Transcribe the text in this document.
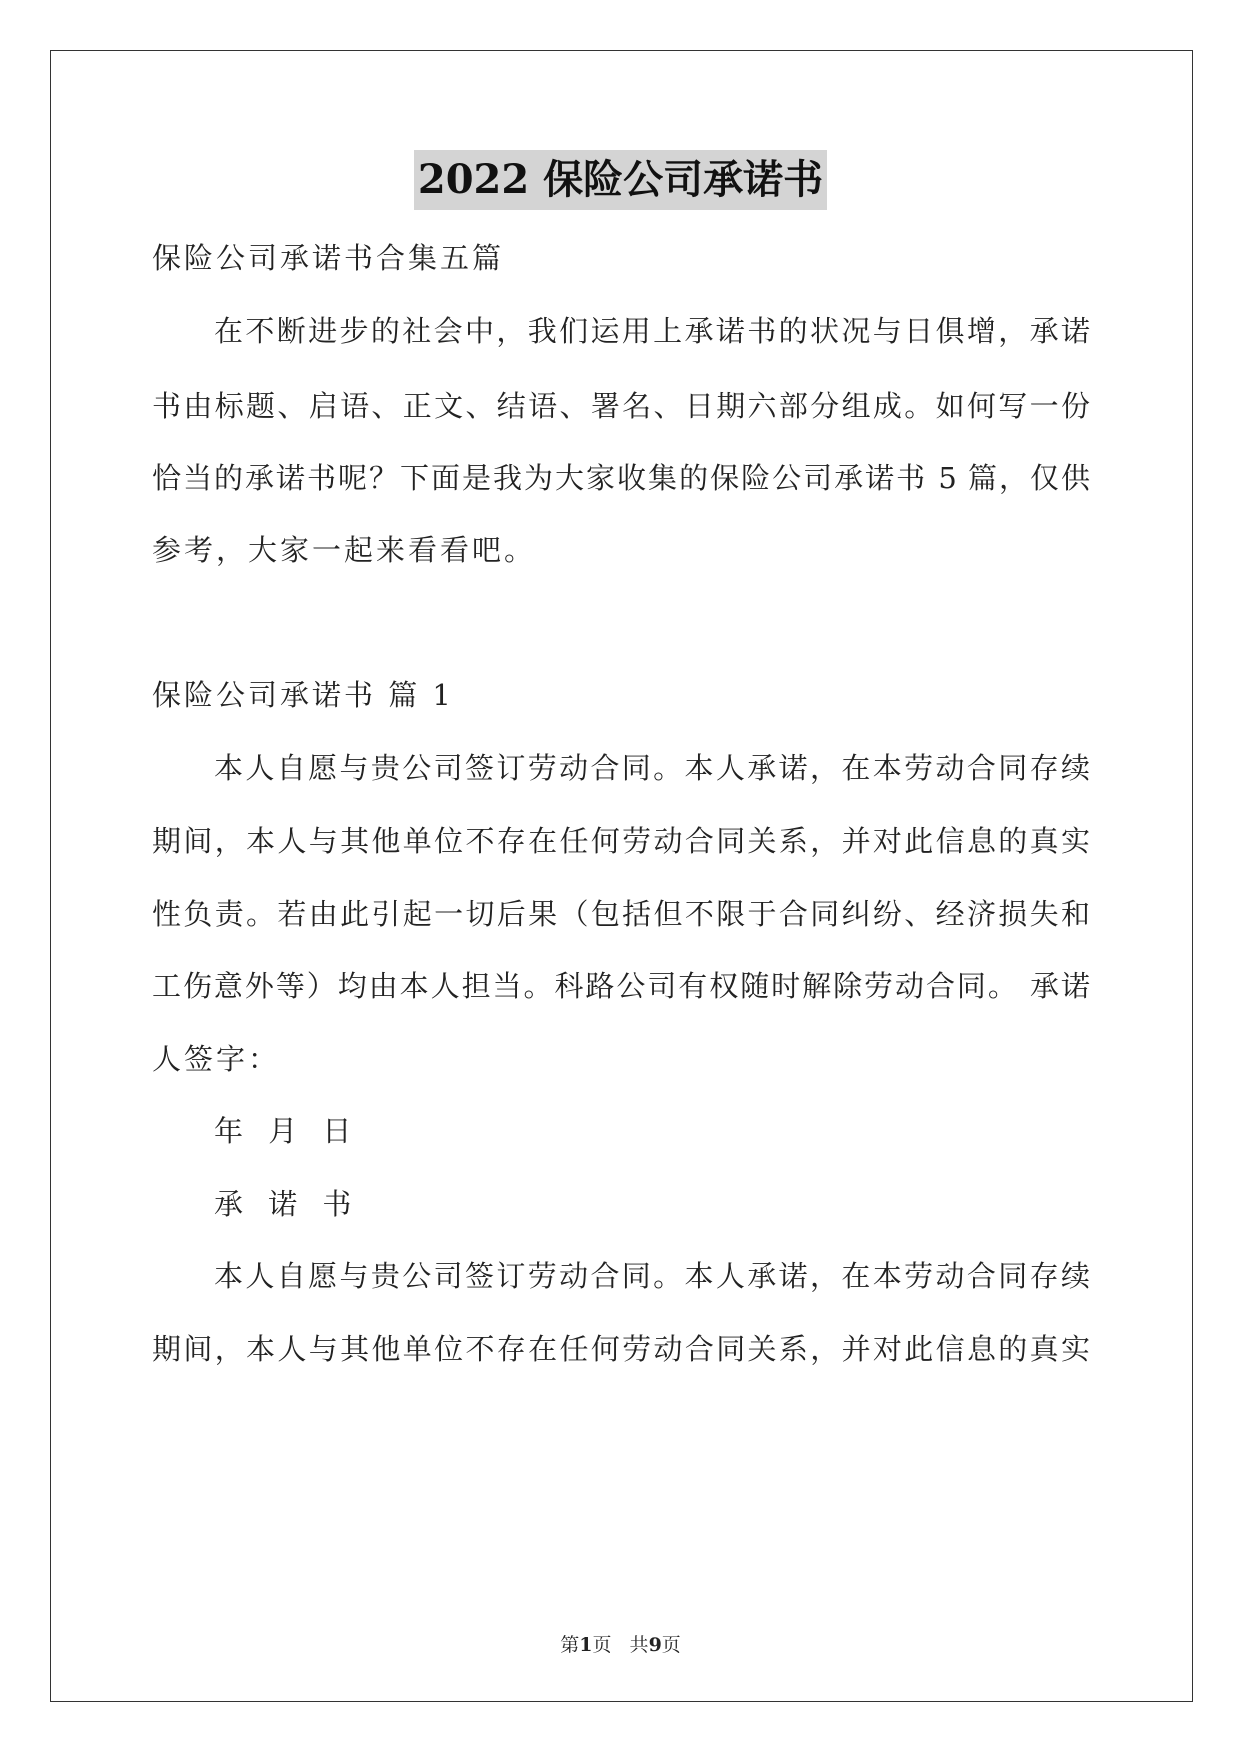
2022 保险公司承诺书
保险公司承诺书合集五篇
在不断进步的社会中，我们运用上承诺书的状况与日俱增，承诺
书由标题、启语、正文、结语、署名、日期六部分组成。如何写一份
恰当的承诺书呢？下面是我为大家收集的保险公司承诺书 5 篇，仅供
参考，大家一起来看看吧。
保险公司承诺书 篇 1
本人自愿与贵公司签订劳动合同。本人承诺，在本劳动合同存续
期间，本人与其他单位不存在任何劳动合同关系，并对此信息的真实
性负责。若由此引起一切后果（包括但不限于合同纠纷、经济损失和
工伤意外等）均由本人担当。科路公司有权随时解除劳动合同。 承诺
人签字：
年 月 日
承 诺 书
本人自愿与贵公司签订劳动合同。本人承诺，在本劳动合同存续
期间，本人与其他单位不存在任何劳动合同关系，并对此信息的真实
第1页   共9页
